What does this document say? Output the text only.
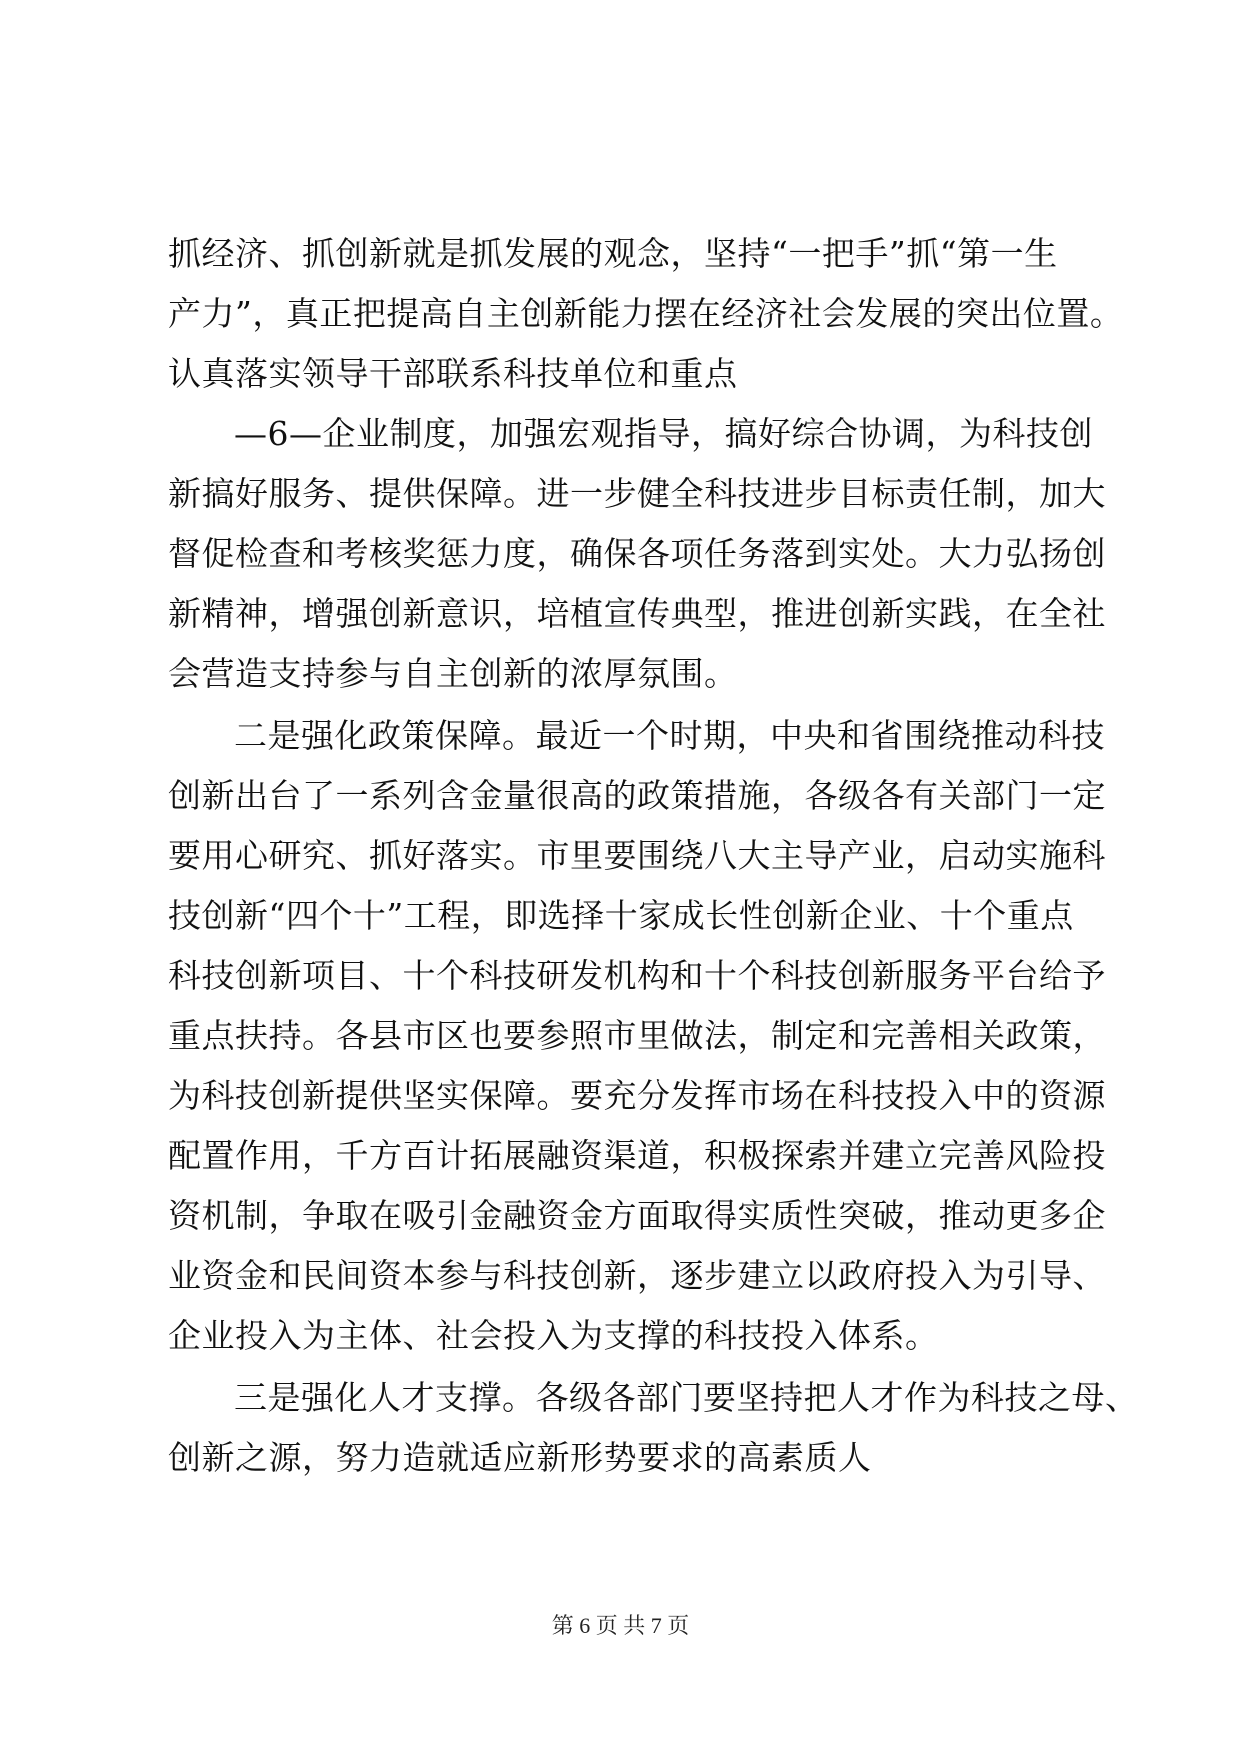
抓经济、抓创新就是抓发展的观念，坚持“一把手”抓“第一生
产力”，真正把提高自主创新能力摆在经济社会发展的突出位置。
认真落实领导干部联系科技单位和重点
—6—企业制度，加强宏观指导，搞好综合协调，为科技创
新搞好服务、提供保障。进一步健全科技进步目标责任制，加大
督促检查和考核奖惩力度，确保各项任务落到实处。大力弘扬创
新精神，增强创新意识，培植宣传典型，推进创新实践，在全社
会营造支持参与自主创新的浓厚氛围。
二是强化政策保障。最近一个时期，中央和省围绕推动科技
创新出台了一系列含金量很高的政策措施，各级各有关部门一定
要用心研究、抓好落实。市里要围绕八大主导产业，启动实施科
技创新“四个十”工程，即选择十家成长性创新企业、十个重点
科技创新项目、十个科技研发机构和十个科技创新服务平台给予
重点扶持。各县市区也要参照市里做法，制定和完善相关政策，
为科技创新提供坚实保障。要充分发挥市场在科技投入中的资源
配置作用，千方百计拓展融资渠道，积极探索并建立完善风险投
资机制，争取在吸引金融资金方面取得实质性突破，推动更多企
业资金和民间资本参与科技创新，逐步建立以政府投入为引导、
企业投入为主体、社会投入为支撑的科技投入体系。
三是强化人才支撑。各级各部门要坚持把人才作为科技之母、
创新之源，努力造就适应新形势要求的高素质人
第 6 页 共 7 页
